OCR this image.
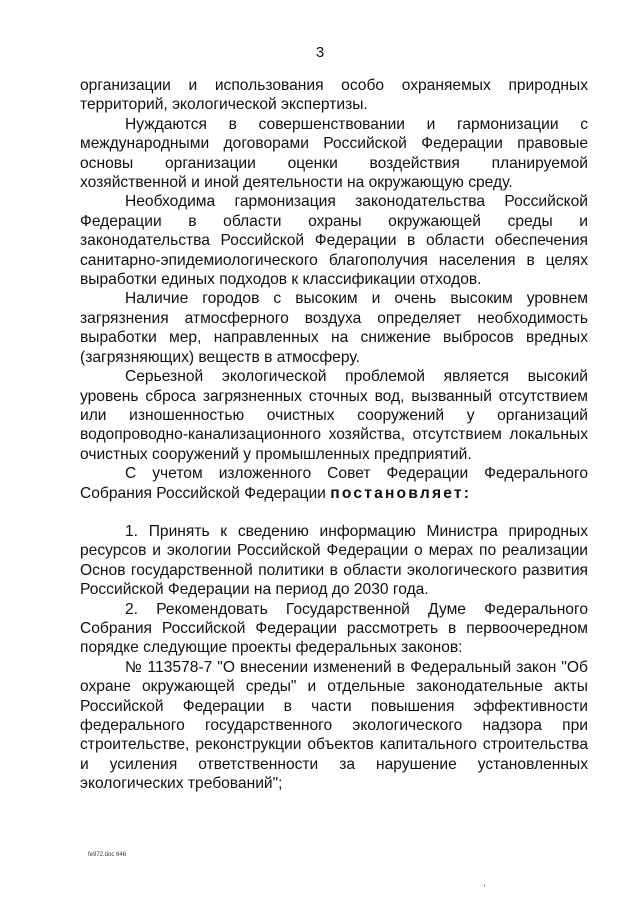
3

организации и использования особо охраняемых природных территорий, экологической экспертизы.

Нуждаются в совершенствовании и гармонизации с международными договорами Российской Федерации правовые основы организации оценки воздействия планируемой хозяйственной и иной деятельности на окружающую среду.

Необходима гармонизация законодательства Российской Федерации в области охраны окружающей среды и законодательства Российской Федерации в области обеспечения санитарно-эпидемиологического благополучия населения в целях выработки единых подходов к классификации отходов.

Наличие городов с высоким и очень высоким уровнем загрязнения атмосферного воздуха определяет необходимость выработки мер, направленных на снижение выбросов вредных (загрязняющих) веществ в атмосферу.

Серьезной экологической проблемой является высокий уровень сброса загрязненных сточных вод, вызванный отсутствием или изношенностью очистных сооружений у организаций водопроводно-канализационного хозяйства, отсутствием локальных очистных сооружений у промышленных предприятий.

С учетом изложенного Совет Федерации Федерального Собрания Российской Федерации постановляет:

1. Принять к сведению информацию Министра природных ресурсов и экологии Российской Федерации о мерах по реализации Основ государственной политики в области экологического развития Российской Федерации на период до 2030 года.

2. Рекомендовать Государственной Думе Федерального Собрания Российской Федерации рассмотреть в первоочередном порядке следующие проекты федеральных законов:

№ 113578-7 "О внесении изменений в Федеральный закон "Об охране окружающей среды" и отдельные законодательные акты Российской Федерации в части повышения эффективности федерального государственного экологического надзора при строительстве, реконструкции объектов капитального строительства и усиления ответственности за нарушение установленных экологических требований";

fe972.doc 646
